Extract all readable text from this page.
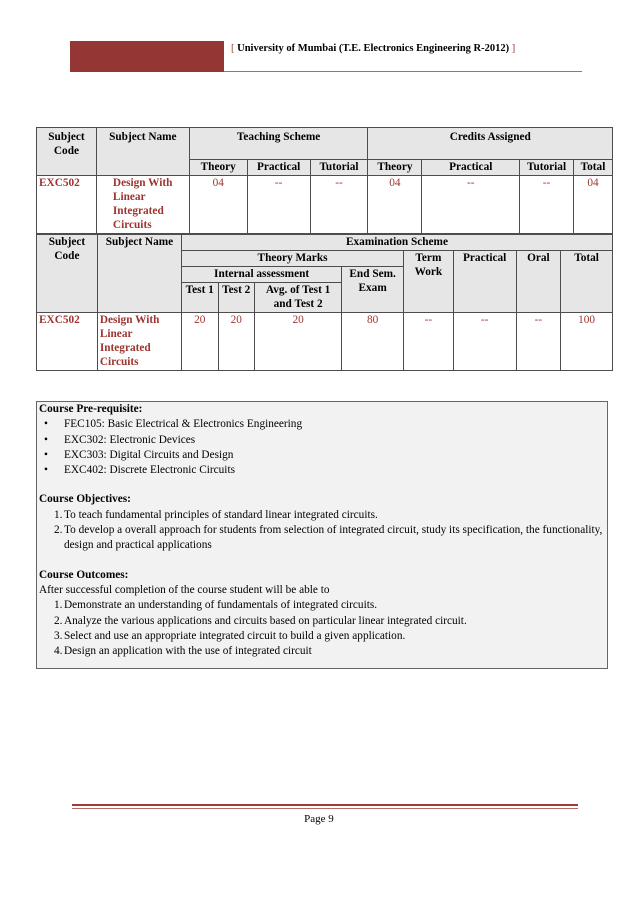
[ University of Mumbai (T.E. Electronics Engineering R-2012) ]
Subject Code	Subject Name	Teaching Scheme			Credits Assigned			
		Theory	Practical	Tutorial	Theory	Practical	Tutorial	Total
EXC502	Design With Linear Integrated Circuits	04	--	--	04	--	--	04
Subject Code	Subject Name	Examination Scheme							
		Theory Marks				Term Work	Practical	Oral	Total
		Internal assessment			End Sem. Exam				
		Test 1	Test 2	Avg. of Test 1 and Test 2					
EXC502	Design With Linear Integrated Circuits	20	20	20	80	--	--	--	100
Course Pre-requisite:
• FEC105: Basic Electrical & Electronics Engineering
• EXC302: Electronic Devices
• EXC303: Digital Circuits and Design
• EXC402: Discrete Electronic Circuits
Course Objectives:
1. To teach fundamental principles of standard linear integrated circuits.
2. To develop a overall approach for students from selection of integrated circuit, study its specification, the functionality, design and practical applications
Course Outcomes:
After successful completion of the course student will be able to
1. Demonstrate an understanding of fundamentals of integrated circuits.
2. Analyze the various applications and circuits based on particular linear integrated circuit.
3. Select and use an appropriate integrated circuit to build a given application.
4. Design an application with the use of integrated circuit
Page 9
